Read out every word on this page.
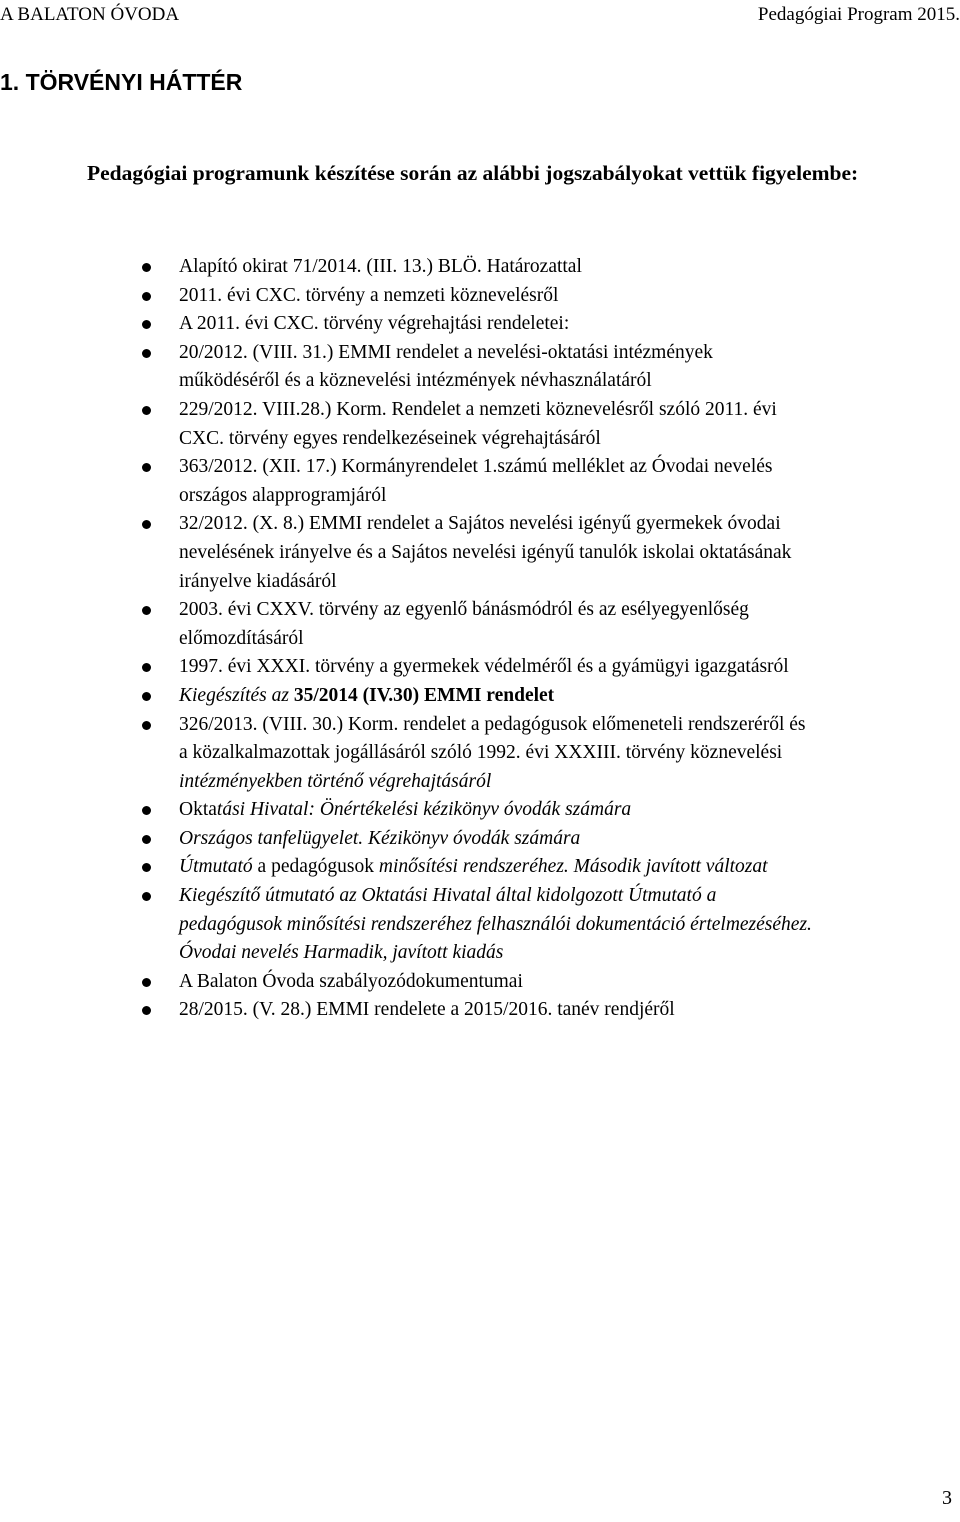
A BALATON ÓVODA	Pedagógiai Program 2015.
1. TÖRVÉNYI HÁTTÉR

Pedagógiai programunk készítése során az alábbi jogszabályokat vettük figyelembe:

Alapító okirat 71/2014. (III. 13.) BLÖ. Határozattal
2011. évi CXC. törvény a nemzeti köznevelésről
A 2011. évi CXC. törvény végrehajtási rendeletei:
20/2012. (VIII. 31.) EMMI rendelet a nevelési-oktatási intézmények
működéséről és a köznevelési intézmények névhasználatáról
229/2012. VIII.28.) Korm. Rendelet a nemzeti köznevelésről szóló 2011. évi
CXC. törvény egyes rendelkezéseinek végrehajtásáról
363/2012. (XII. 17.) Kormányrendelet 1.számú melléklet az Óvodai nevelés
országos alapprogramjáról
32/2012. (X. 8.) EMMI rendelet a Sajátos nevelési igényű gyermekek óvodai
nevelésének irányelve és a Sajátos nevelési igényű tanulók iskolai oktatásának
irányelve kiadásáról
2003. évi CXXV. törvény az egyenlő bánásmódról és az esélyegyenlőség
előmozdításáról
1997. évi XXXI. törvény a gyermekek védelméről és a gyámügyi igazgatásról
Kiegészítés az 35/2014 (IV.30) EMMI rendelet
326/2013. (VIII. 30.) Korm. rendelet a pedagógusok előmeneteli rendszeréről és
a közalkalmazottak jogállásáról szóló 1992. évi XXXIII. törvény köznevelési
intézményekben történő végrehajtásáról
Oktatási Hivatal: Önértékelési kézikönyv óvodák számára
Országos tanfelügyelet. Kézikönyv óvodák számára
Útmutató a pedagógusok minősítési rendszeréhez. Második javított változat
Kiegészítő útmutató az Oktatási Hivatal által kidolgozott Útmutató a
pedagógusok minősítési rendszeréhez felhasználói dokumentáció értelmezéséhez.
Óvodai nevelés Harmadik, javított kiadás
A Balaton Óvoda szabályozódokumentumai
28/2015. (V. 28.) EMMI rendelete a 2015/2016. tanév rendjéről
3
